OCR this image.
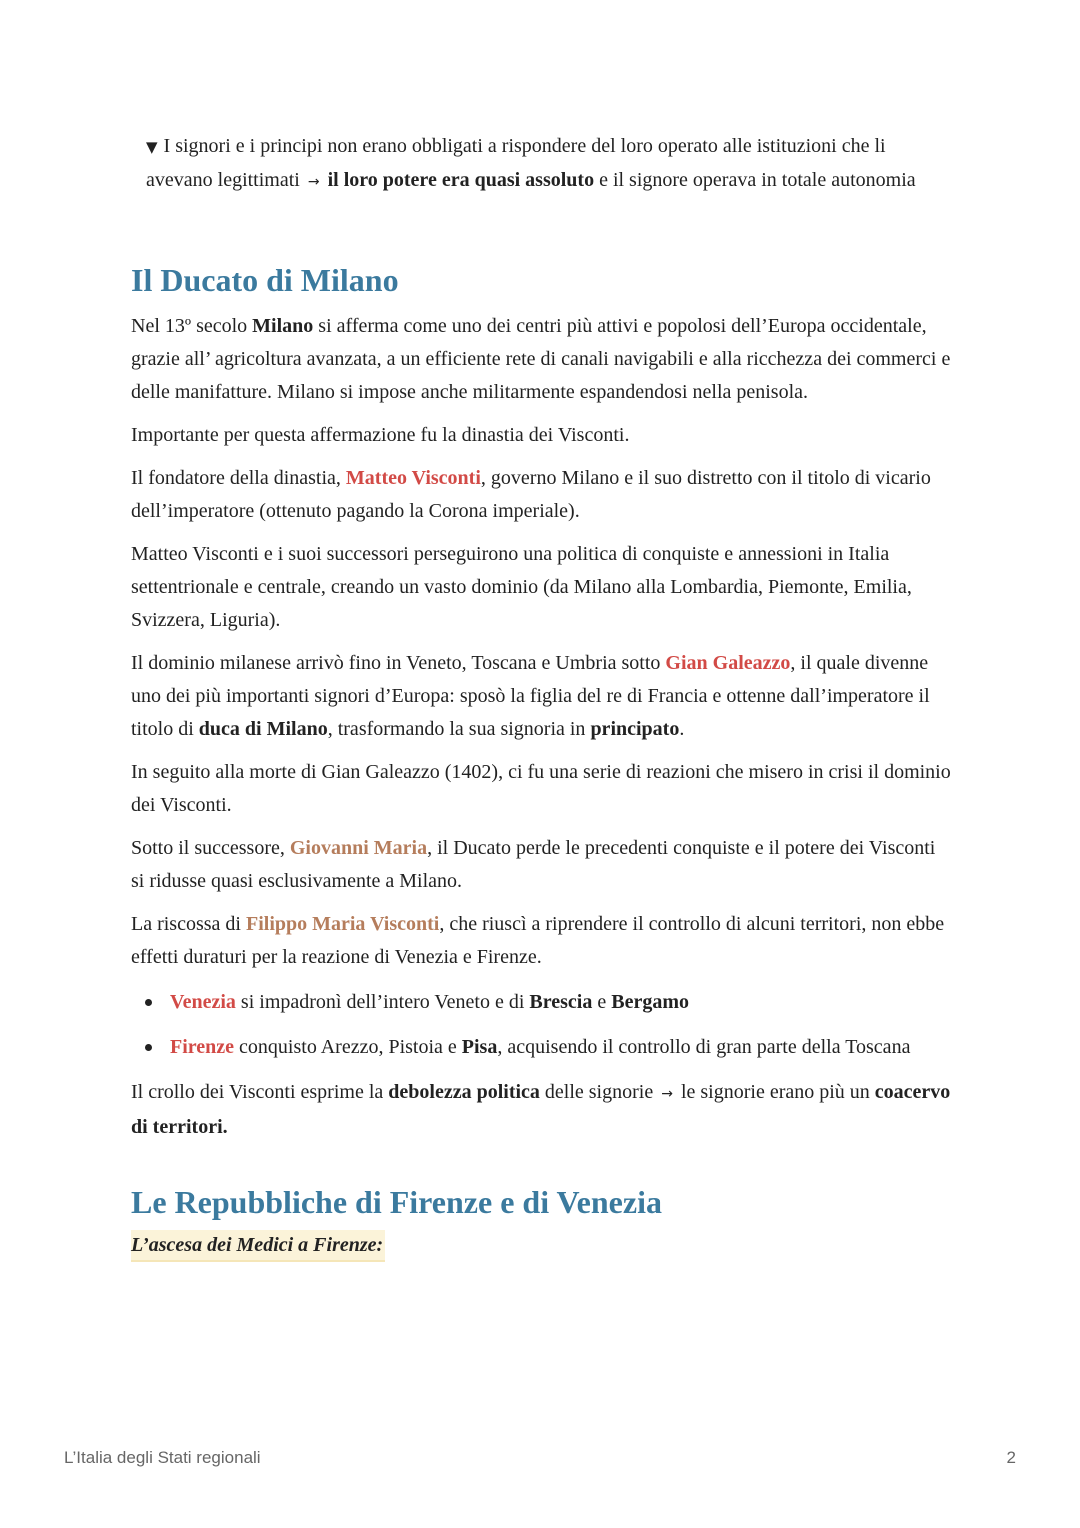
▼ I signori e i principi non erano obbligati a rispondere del loro operato alle istituzioni che li avevano legittimati → il loro potere era quasi assoluto e il signore operava in totale autonomia
Il Ducato di Milano

Nel 13º secolo Milano si afferma come uno dei centri più attivi e popolosi dell’Europa occidentale, grazie all’ agricoltura avanzata, a un efficiente rete di canali navigabili e alla ricchezza dei commerci e delle manifatture. Milano si impose anche militarmente espandendosi nella penisola.

Importante per questa affermazione fu la dinastia dei Visconti.

Il fondatore della dinastia, Matteo Visconti, governo Milano e il suo distretto con il titolo di vicario dell’imperatore (ottenuto pagando la Corona imperiale).

Matteo Visconti e i suoi successori perseguirono una politica di conquiste e annessioni in Italia settentrionale e centrale, creando un vasto dominio (da Milano alla Lombardia, Piemonte, Emilia, Svizzera, Liguria).

Il dominio milanese arrivò fino in Veneto, Toscana e Umbria sotto Gian Galeazzo, il quale divenne uno dei più importanti signori d’Europa: sposò la figlia del re di Francia e ottenne dall’imperatore il titolo di duca di Milano, trasformando la sua signoria in principato.

In seguito alla morte di Gian Galeazzo (1402), ci fu una serie di reazioni che misero in crisi il dominio dei Visconti.

Sotto il successore, Giovanni Maria, il Ducato perde le precedenti conquiste e il potere dei Visconti si ridusse quasi esclusivamente a Milano.

La riscossa di Filippo Maria Visconti, che riuscì a riprendere il controllo di alcuni territori, non ebbe effetti duraturi per la reazione di Venezia e Firenze.

Venezia si impadronì dell’intero Veneto e di Brescia e Bergamo
Firenze conquisto Arezzo, Pistoia e Pisa, acquisendo il controllo di gran parte della Toscana

Il crollo dei Visconti esprime la debolezza politica delle signorie → le signorie erano più un coacervo di territori.

Le Repubbliche di Firenze e di Venezia
L’ascesa dei Medici a Firenze:
L’Italia degli Stati regionali	2
